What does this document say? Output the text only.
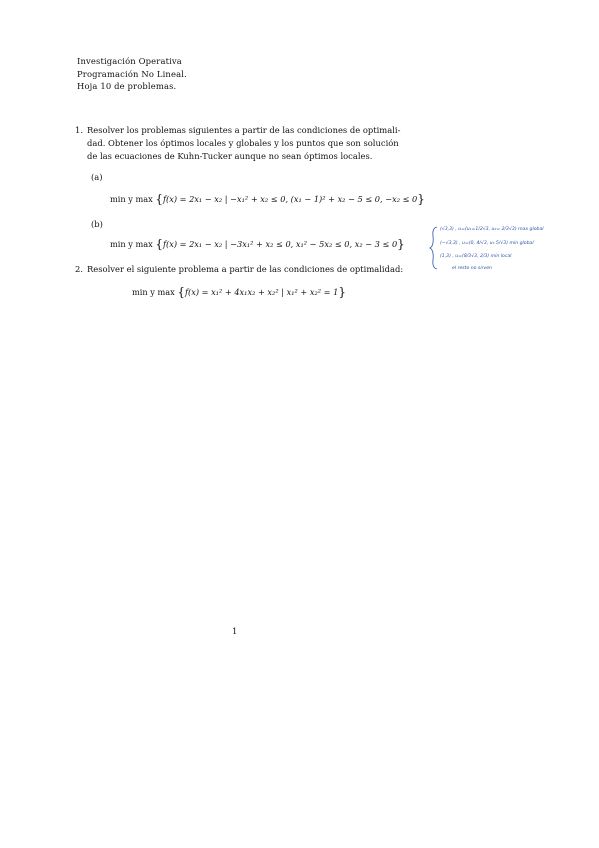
Investigación Operativa
Programación No Lineal.
Hoja 10 de problemas.
1. Resolver los problemas siguientes a partir de las condiciones de optimali-
dad. Obtener los óptimos locales y globales y los puntos que son solución
de las ecuaciones de Kuhn-Tucker aunque no sean óptimos locales.
(a)
min y max {f(x) = 2x₁ − x₂ | −x₁² + x₂ ≤ 0, (x₁ − 1)² + x₂ − 5 ≤ 0, −x₂ ≤ 0}
(b)
min y max {f(x) = 2x₁ − x₂ | −3x₁² + x₂ ≤ 0, x₁² − 5x₂ ≤ 0, x₂ − 3 ≤ 0}
(√3,3) , u=(u₁=1/2√3, u₂= 2/3√3) max global
(−√3,3) , u=(0, 4/√3, u₃ 5/√3) min global
(1,3) , u=(8/3√3, 2/3) min local
el resto no sirven
2. Resolver el siguiente problema a partir de las condiciones de optimalidad:
min y max {f(x) = x₁² + 4x₁x₂ + x₂² | x₁² + x₂² = 1}
1
